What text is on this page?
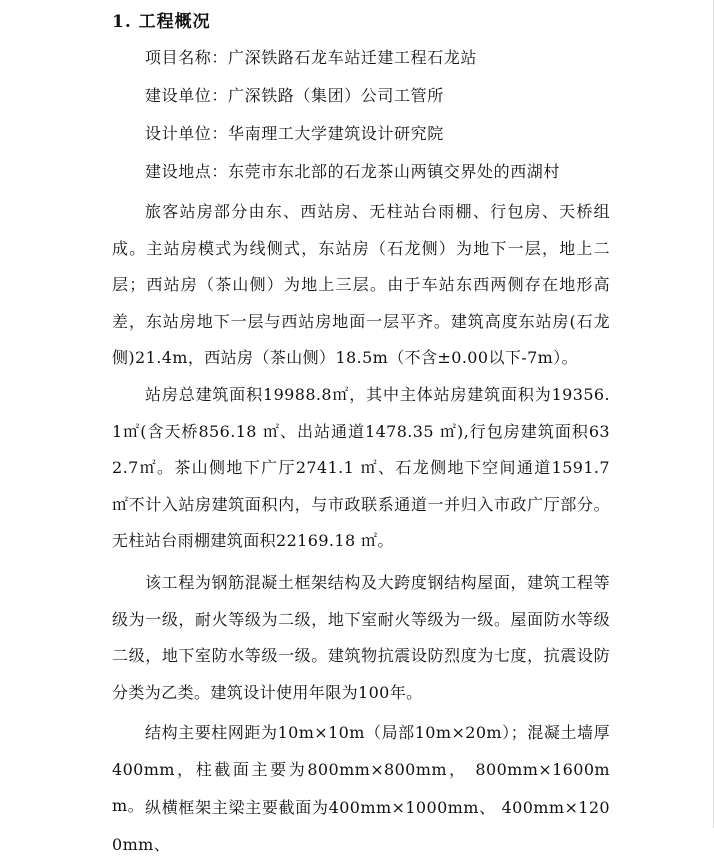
1. 工程概况
项目名称：广深铁路石龙车站迁建工程石龙站
建设单位：广深铁路（集团）公司工管所
设计单位：华南理工大学建筑设计研究院
建设地点：东莞市东北部的石龙茶山两镇交界处的西湖村

旅客站房部分由东、西站房、无柱站台雨棚、行包房、天桥组成。主站房模式为线侧式，东站房（石龙侧）为地下一层，地上二层；西站房（茶山侧）为地上三层。由于车站东西两侧存在地形高差，东站房地下一层与西站房地面一层平齐。建筑高度东站房(石龙侧)21.4m，西站房（茶山侧）18.5m（不含±0.00以下-7m）。

站房总建筑面积19988.8㎡，其中主体站房建筑面积为19356.1㎡(含天桥856.18 ㎡、出站通道1478.35 ㎡),行包房建筑面积632.7㎡。茶山侧地下广厅2741.1 ㎡、石龙侧地下空间通道1591.7 ㎡不计入站房建筑面积内，与市政联系通道一并归入市政广厅部分。无柱站台雨棚建筑面积22169.18 ㎡。

该工程为钢筋混凝土框架结构及大跨度钢结构屋面，建筑工程等级为一级，耐火等级为二级，地下室耐火等级为一级。屋面防水等级二级，地下室防水等级一级。建筑物抗震设防烈度为七度，抗震设防分类为乙类。建筑设计使用年限为100年。

结构主要柱网距为10m×10m（局部10m×20m）；混凝土墙厚400mm，柱截面主要为800mm×800mm， 800mm×1600mm。 纵横框架主梁主要截面为400mm×1000mm、 400mm×1200mm、
